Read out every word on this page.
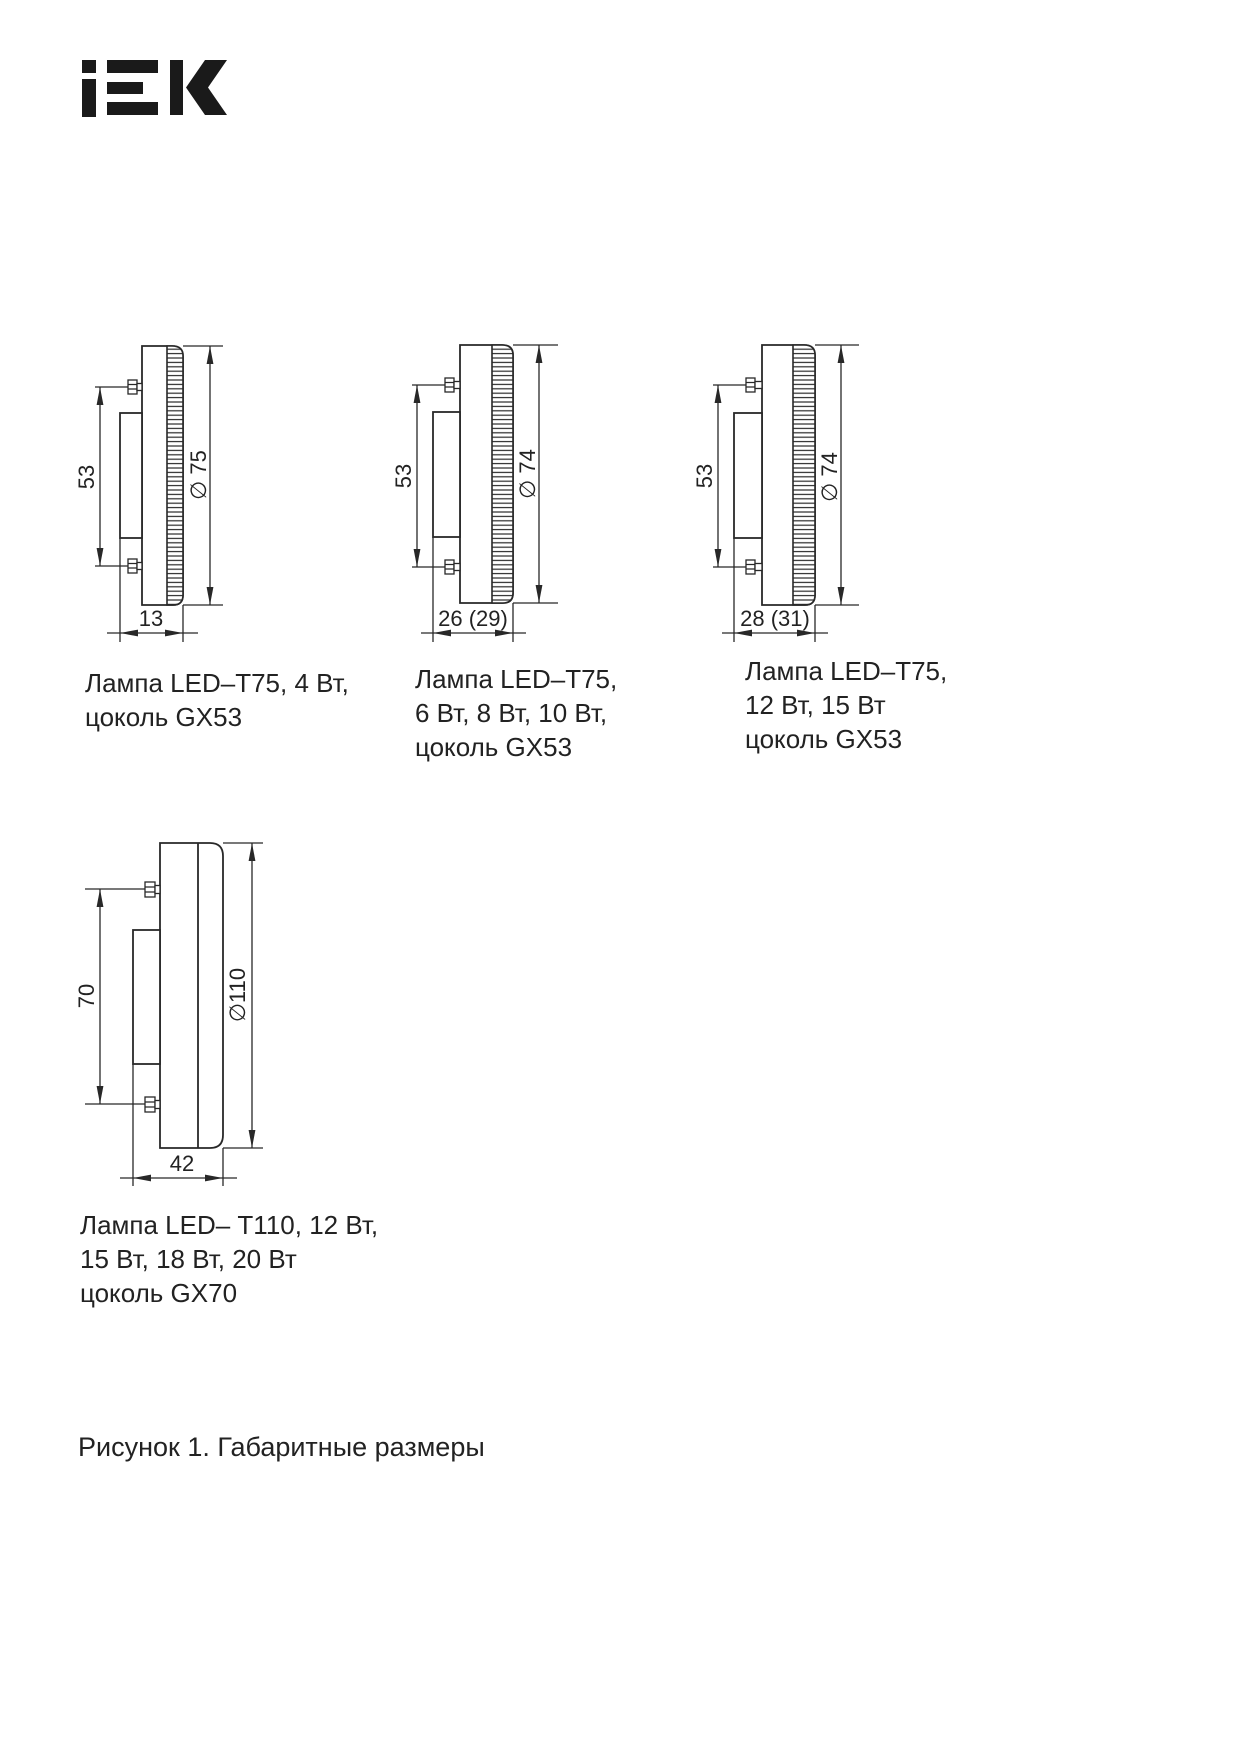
53	∅ 75
13
53	∅ 74
26 (29)
53	∅ 74
28 (31)
70	∅110
42
Лампа LED–T75, 4 Вт,
цоколь GX53
Лампа LED–T75,
6 Вт, 8 Вт, 10 Вт,
цоколь GX53
Лампа LED–T75,
12 Вт, 15 Вт
цоколь GX53
Лампа LED– Т110, 12 Вт,
15 Вт, 18 Вт, 20 Вт
цоколь GX70
Рисунок 1. Габаритные размеры
